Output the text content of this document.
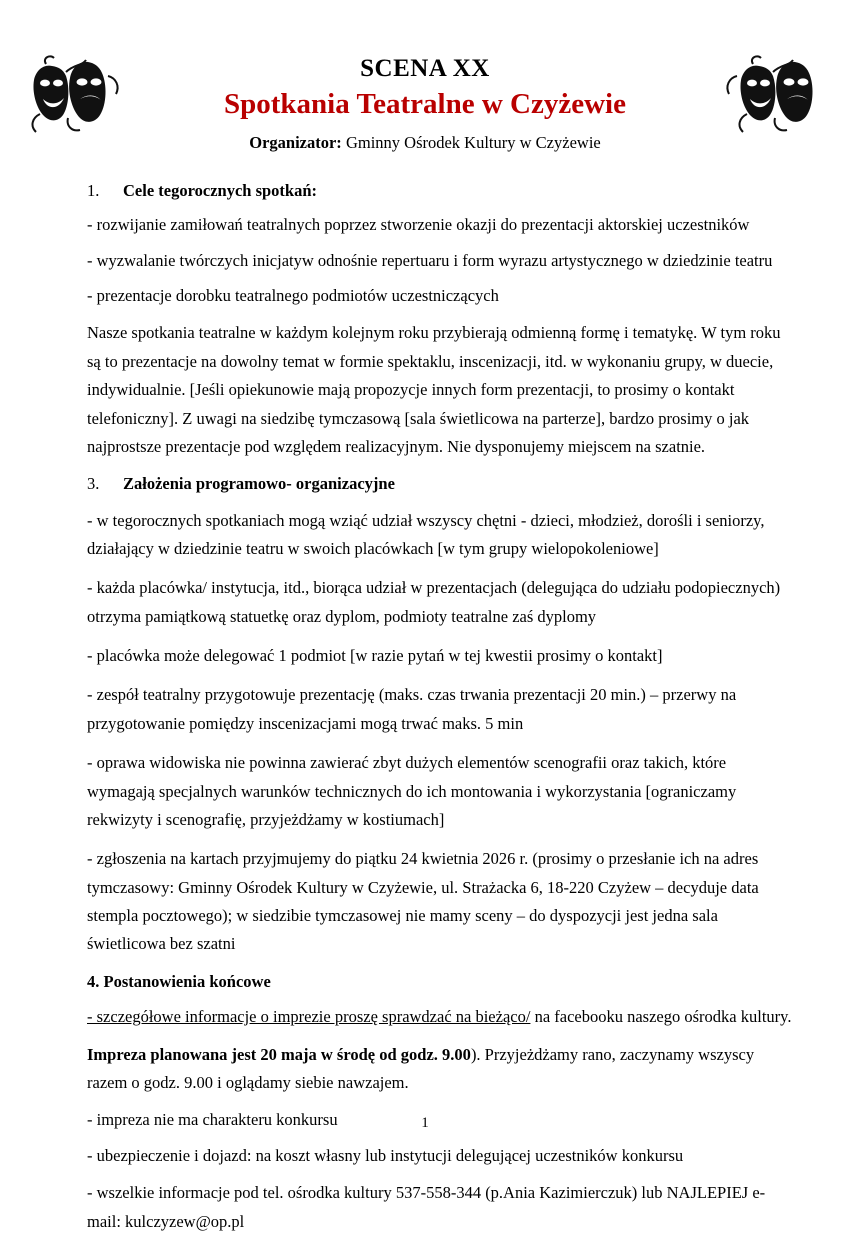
SCENA XX
Spotkania Teatralne w Czyżewie
Organizator: Gminny Ośrodek Kultury w Czyżewie
1. Cele tegorocznych spotkań:

- rozwijanie zamiłowań teatralnych poprzez stworzenie okazji do prezentacji aktorskiej uczestników

- wyzwalanie twórczych inicjatyw odnośnie repertuaru i form wyrazu artystycznego w dziedzinie teatru

- prezentacje dorobku teatralnego podmiotów uczestniczących

Nasze spotkania teatralne w każdym kolejnym roku przybierają odmienną formę i tematykę. W tym roku są to prezentacje na dowolny temat w formie spektaklu, inscenizacji, itd. w wykonaniu grupy, w duecie, indywidualnie. [Jeśli opiekunowie mają propozycje innych form prezentacji, to prosimy o kontakt telefoniczny]. Z uwagi na siedzibę tymczasową [sala świetlicowa na parterze], bardzo prosimy o jak najprostsze prezentacje pod względem realizacyjnym. Nie dysponujemy miejscem na szatnie.

3. Założenia programowo- organizacyjne

- w tegorocznych spotkaniach mogą wziąć udział wszyscy chętni - dzieci, młodzież, dorośli i seniorzy, działający w dziedzinie teatru w swoich placówkach [w tym grupy wielopokoleniowe]

- każda placówka/ instytucja, itd., biorąca udział w prezentacjach (delegująca do udziału podopiecznych) otrzyma pamiątkową statuetkę oraz dyplom, podmioty teatralne zaś dyplomy

- placówka może delegować 1 podmiot [w razie pytań w tej kwestii prosimy o kontakt]

- zespół teatralny przygotowuje prezentację (maks. czas trwania prezentacji 20 min.) – przerwy na przygotowanie pomiędzy inscenizacjami mogą trwać maks. 5 min

- oprawa widowiska nie powinna zawierać zbyt dużych elementów scenografii oraz takich, które wymagają specjalnych warunków technicznych do ich montowania i wykorzystania [ograniczamy rekwizyty i scenografię, przyjeżdżamy w kostiumach]

- zgłoszenia na kartach przyjmujemy do piątku 24 kwietnia 2026 r. (prosimy o przesłanie ich na adres tymczasowy: Gminny Ośrodek Kultury w Czyżewie, ul. Strażacka 6, 18-220 Czyżew – decyduje data stempla pocztowego); w siedzibie tymczasowej nie mamy sceny – do dyspozycji jest jedna sala świetlicowa bez szatni

4. Postanowienia końcowe

- szczegółowe informacje o imprezie proszę sprawdzać na bieżąco/ na facebooku naszego ośrodka kultury.

Impreza planowana jest 20 maja w środę od godz. 9.00). Przyjeżdżamy rano, zaczynamy wszyscy razem o godz. 9.00 i oglądamy siebie nawzajem.

- impreza nie ma charakteru konkursu

- ubezpieczenie i dojazd: na koszt własny lub instytucji delegującej uczestników konkursu

- wszelkie informacje pod tel. ośrodka kultury 537-558-344 (p.Ania Kazimierczuk) lub NAJLEPIEJ e-mail: kulczyzew@op.pl

1
